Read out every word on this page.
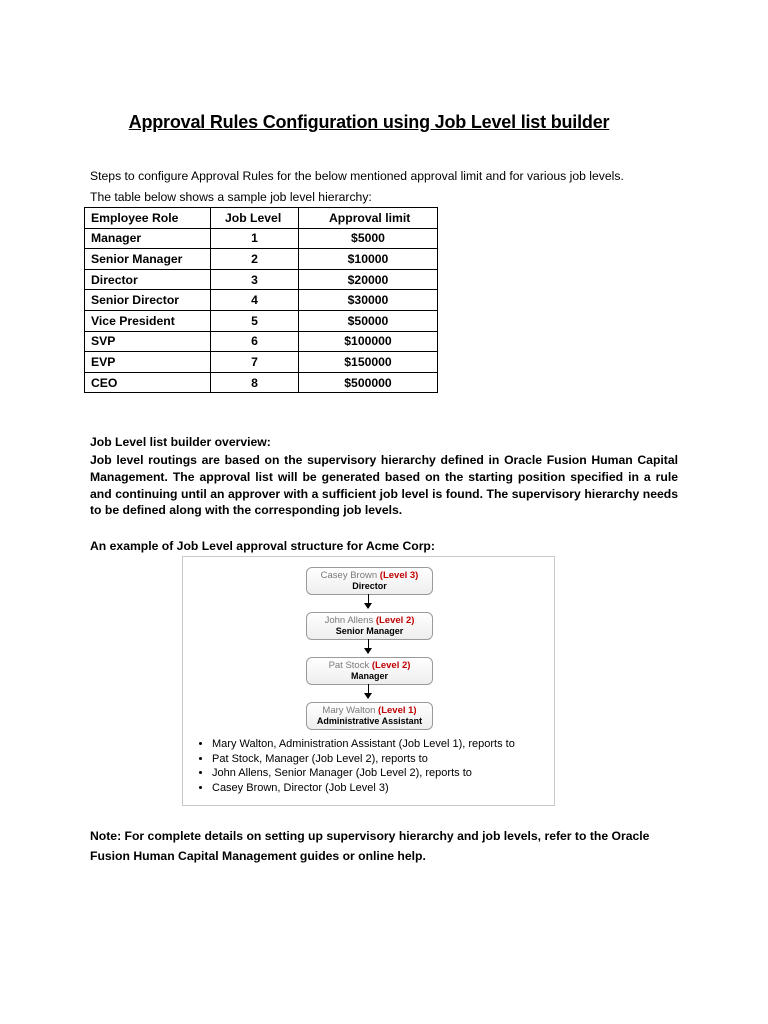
Approval Rules Configuration using Job Level list builder
Steps to configure Approval Rules for the below mentioned approval limit and for various job levels.
The table below shows a sample job level hierarchy:
Employee Role	Job Level	Approval limit
Manager	1	$5000
Senior Manager	2	$10000
Director	3	$20000
Senior Director	4	$30000
Vice President	5	$50000
SVP	6	$100000
EVP	7	$150000
CEO	8	$500000
Job Level list builder overview:
Job level routings are based on the supervisory hierarchy defined in Oracle Fusion Human Capital Management. The approval list will be generated based on the starting position specified in a rule and continuing until an approver with a sufficient job level is found. The supervisory hierarchy needs to be defined along with the corresponding job levels.
An example of Job Level approval structure for Acme Corp:
Casey Brown (Level 3)
Director
John Allens (Level 2)
Senior Manager
Pat Stock (Level 2)
Manager
Mary Walton (Level 1)
Administrative Assistant
• Mary Walton, Administration Assistant (Job Level 1), reports to
• Pat Stock, Manager (Job Level 2), reports to
• John Allens, Senior Manager (Job Level 2), reports to
• Casey Brown, Director (Job Level 3)
Note: For complete details on setting up supervisory hierarchy and job levels, refer to the Oracle Fusion Human Capital Management guides or online help.
